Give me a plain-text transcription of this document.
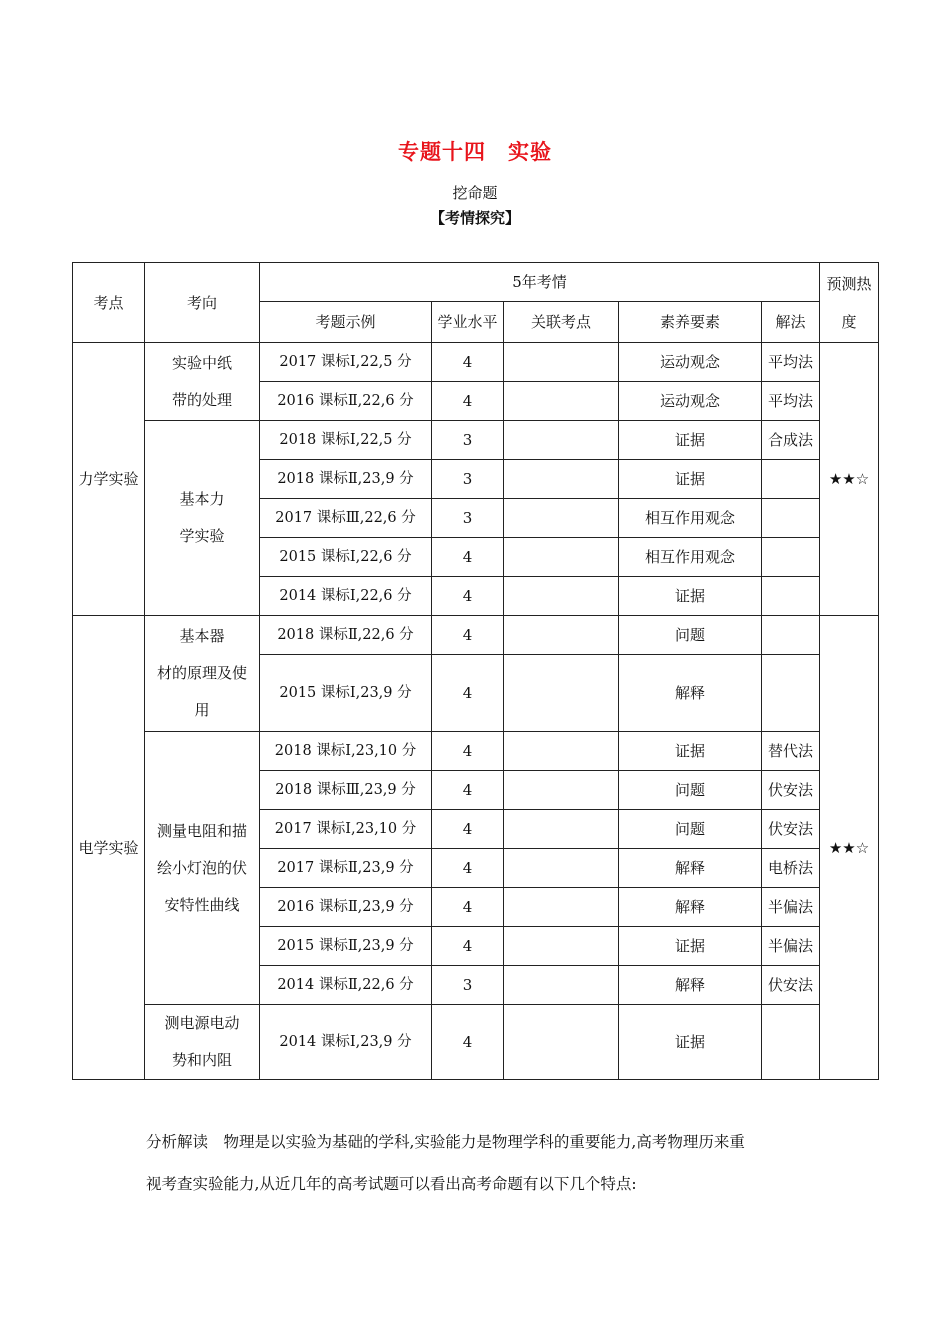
专题十四　实验
挖命题
【考情探究】
考点	考向	5年考情					预测热
度

		考题示例	学业水平	关联考点	素养要素	解法	
力学实验	实验中纸
带的处理	2017 课标Ⅰ,22,5 分	4		运动观念	平均法	★★☆
		2016 课标Ⅱ,22,6 分	4		运动观念	平均法	

	基本力
学实验	2018 课标Ⅰ,22,5 分	3		证据	合成法	
		2018 课标Ⅱ,23,9 分	3		证据		
		2017 课标Ⅲ,22,6 分	3		相互作用观念		
		2015 课标Ⅰ,22,6 分	4		相互作用观念		
		2014 课标Ⅰ,22,6 分	4		证据		
电学实验	基本器
材的原理及使
用	2018 课标Ⅱ,22,6 分	4		问题		★★☆
		2015 课标Ⅰ,23,9 分	4		解释		

	测量电阻和描
绘小灯泡的伏
安特性曲线	2018 课标Ⅰ,23,10 分	4		证据	替代法	
		2018 课标Ⅲ,23,9 分	4		问题	伏安法	
		2017 课标Ⅰ,23,10 分	4		问题	伏安法	
		2017 课标Ⅱ,23,9 分	4		解释	电桥法	
		2016 课标Ⅱ,23,9 分	4		解释	半偏法	
		2015 课标Ⅱ,23,9 分	4		证据	半偏法	
		2014 课标Ⅱ,22,6 分	3		解释	伏安法	

	测电源电动
势和内阻	2014 课标Ⅰ,23,9 分	4		证据		
分析解读　物理是以实验为基础的学科,实验能力是物理学科的重要能力,高考物理历来重
视考查实验能力,从近几年的高考试题可以看出高考命题有以下几个特点:
